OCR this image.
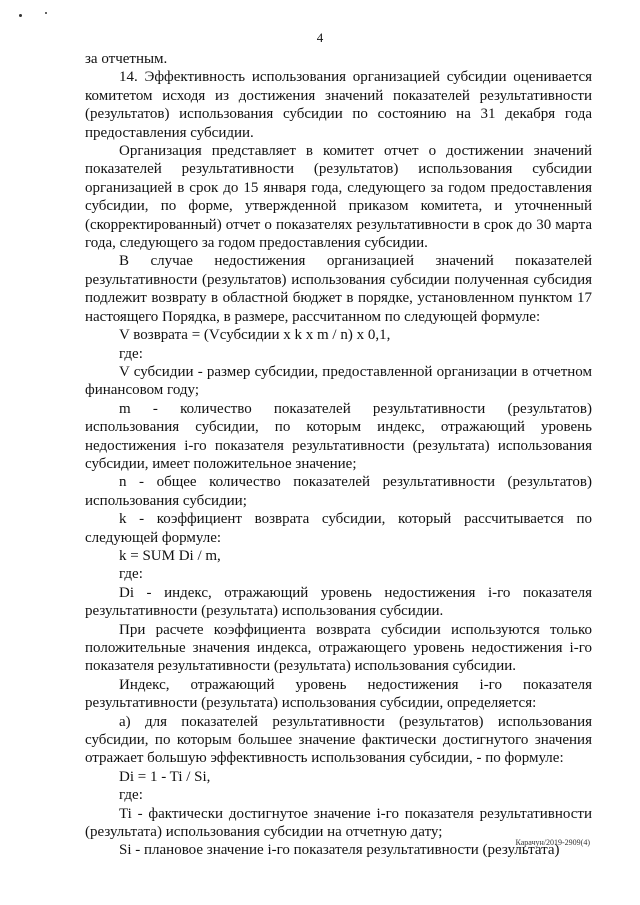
4

за отчетным.

14. Эффективность использования организацией субсидии оценивается комитетом исходя из достижения значений показателей результативности (результатов) использования субсидии по состоянию на 31 декабря года предоставления субсидии.

Организация представляет в комитет отчет о достижении значений показателей результативности (результатов) использования субсидии организацией в срок до 15 января года, следующего за годом предоставления субсидии, по форме, утвержденной приказом комитета, и уточненный (скорректированный) отчет о показателях результативности в срок до 30 марта года, следующего за годом предоставления субсидии.

В случае недостижения организацией значений показателей результативности (результатов) использования субсидии полученная субсидия подлежит возврату в областной бюджет в порядке, установленном пунктом 17 настоящего Порядка, в размере, рассчитанном по следующей формуле:

V возврата = (Vсубсидии x k x m / n) x 0,1,

где:

V субсидии - размер субсидии, предоставленной организации в отчетном финансовом году;

m - количество показателей результативности (результатов) использования субсидии, по которым индекс, отражающий уровень недостижения i-го показателя результативности (результата) использования субсидии, имеет положительное значение;

n - общее количество показателей результативности (результатов) использования субсидии;

k - коэффициент возврата субсидии, который рассчитывается по следующей формуле:

k = SUM Di / m,

где:

Di - индекс, отражающий уровень недостижения i-го показателя результативности (результата) использования субсидии.

При расчете коэффициента возврата субсидии используются только положительные значения индекса, отражающего уровень недостижения i-го показателя результативности (результата) использования субсидии.

Индекс, отражающий уровень недостижения i-го показателя результативности (результата) использования субсидии, определяется:

а) для показателей результативности (результатов) использования субсидии, по которым большее значение фактически достигнутого значения отражает большую эффективность использования субсидии, - по формуле:

Di = 1 - Ti / Si,

где:

Ti - фактически достигнутое значение i-го показателя результативности (результата) использования субсидии на отчетную дату;

Si - плановое значение i-го показателя результативности (результата)

Карачун/2019-2909(4)
